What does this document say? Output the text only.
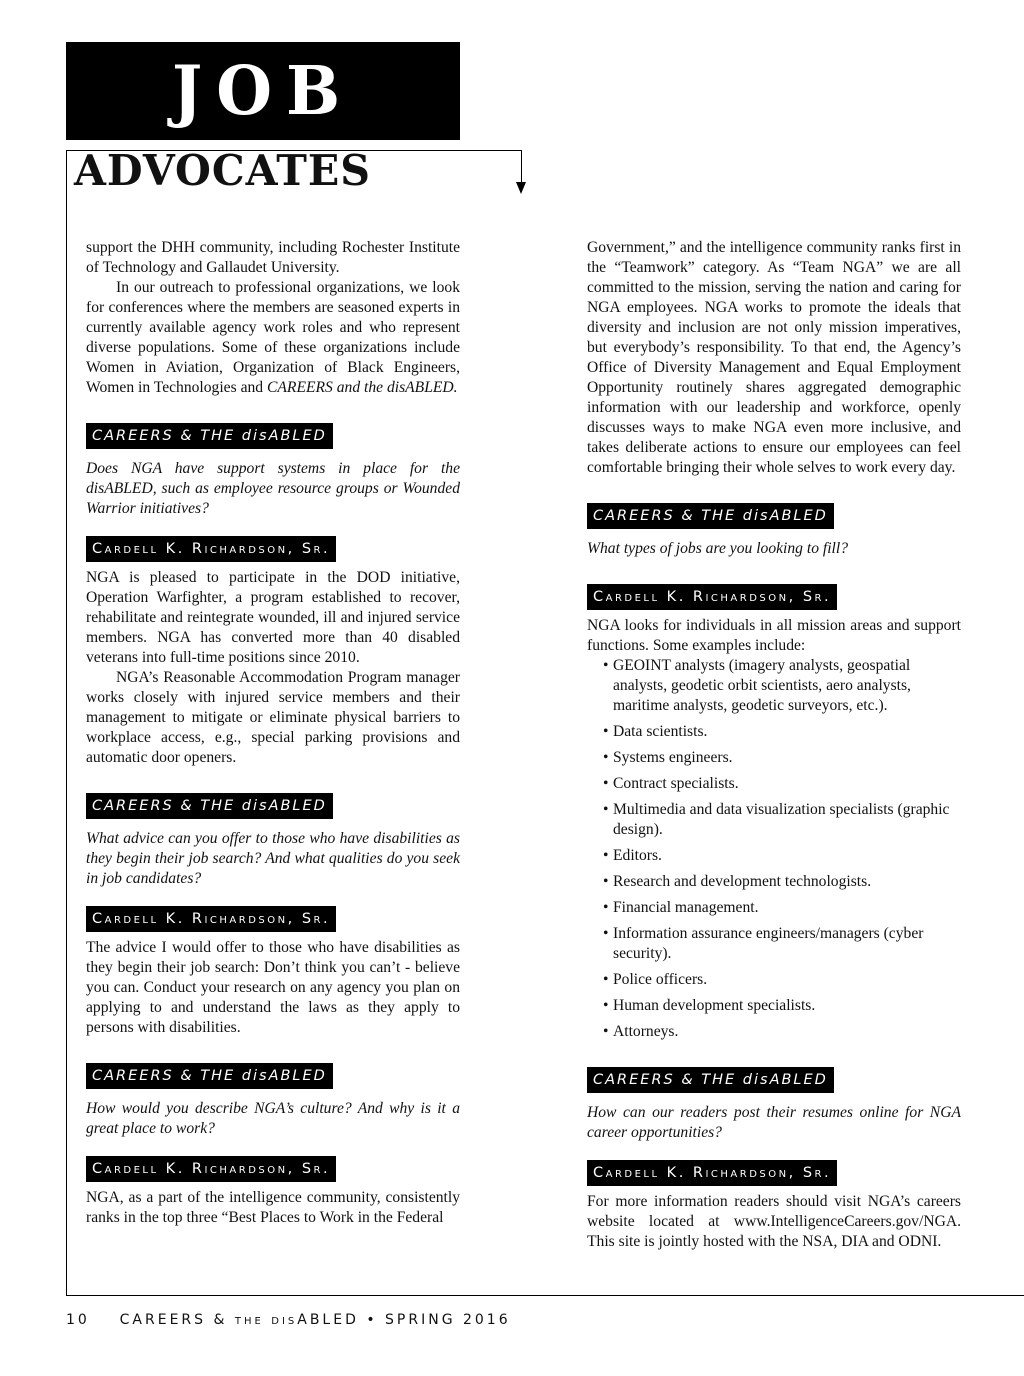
JOB
ADVOCATES

support the DHH community, including Rochester Institute of Technology and Gallaudet University.

In our outreach to professional organizations, we look for conferences where the members are seasoned experts in currently available agency work roles and who represent diverse populations. Some of these organizations include Women in Aviation, Organization of Black Engineers, Women in Technologies and CAREERS and the disABLED.

CAREERS & THE disABLED

Does NGA have support systems in place for the disABLED, such as employee resource groups or Wounded Warrior initiatives?

Cardell K. Richardson, Sr.

NGA is pleased to participate in the DOD initiative, Operation Warfighter, a program established to recover, rehabilitate and reintegrate wounded, ill and injured service members. NGA has converted more than 40 disabled veterans into full-time positions since 2010.

NGA’s Reasonable Accommodation Program manager works closely with injured service members and their management to mitigate or eliminate physical barriers to workplace access, e.g., special parking provisions and automatic door openers.

CAREERS & THE disABLED

What advice can you offer to those who have disabilities as they begin their job search? And what qualities do you seek in job candidates?

Cardell K. Richardson, Sr.

The advice I would offer to those who have disabilities as they begin their job search: Don’t think you can’t - believe you can. Conduct your research on any agency you plan on applying to and understand the laws as they apply to persons with disabilities.

CAREERS & THE disABLED

How would you describe NGA’s culture? And why is it a great place to work?

Cardell K. Richardson, Sr.

NGA, as a part of the intelligence community, consistently ranks in the top three “Best Places to Work in the Federal

Government,” and the intelligence community ranks first in the “Teamwork” category. As “Team NGA” we are all committed to the mission, serving the nation and caring for NGA employees. NGA works to promote the ideals that diversity and inclusion are not only mission imperatives, but everybody’s responsibility. To that end, the Agency’s Office of Diversity Management and Equal Employment Opportunity routinely shares aggregated demographic information with our leadership and workforce, openly discusses ways to make NGA even more inclusive, and takes deliberate actions to ensure our employees can feel comfortable bringing their whole selves to work every day.

CAREERS & THE disABLED

What types of jobs are you looking to fill?

Cardell K. Richardson, Sr.

NGA looks for individuals in all mission areas and support functions. Some examples include:

• GEOINT analysts (imagery analysts, geospatial analysts, geodetic orbit scientists, aero analysts, maritime analysts, geodetic surveyors, etc.).
• Data scientists.
• Systems engineers.
• Contract specialists.
• Multimedia and data visualization specialists (graphic design).
• Editors.
• Research and development technologists.
• Financial management.
• Information assurance engineers/managers (cyber security).
• Police officers.
• Human development specialists.
• Attorneys.
CAREERS & THE disABLED

How can our readers post their resumes online for NGA career opportunities?

Cardell K. Richardson, Sr.

For more information readers should visit NGA’s careers website located at www.IntelligenceCareers.gov/NGA. This site is jointly hosted with the NSA, DIA and ODNI.

10 CAREERS & the disABLED • SPRING 2016
